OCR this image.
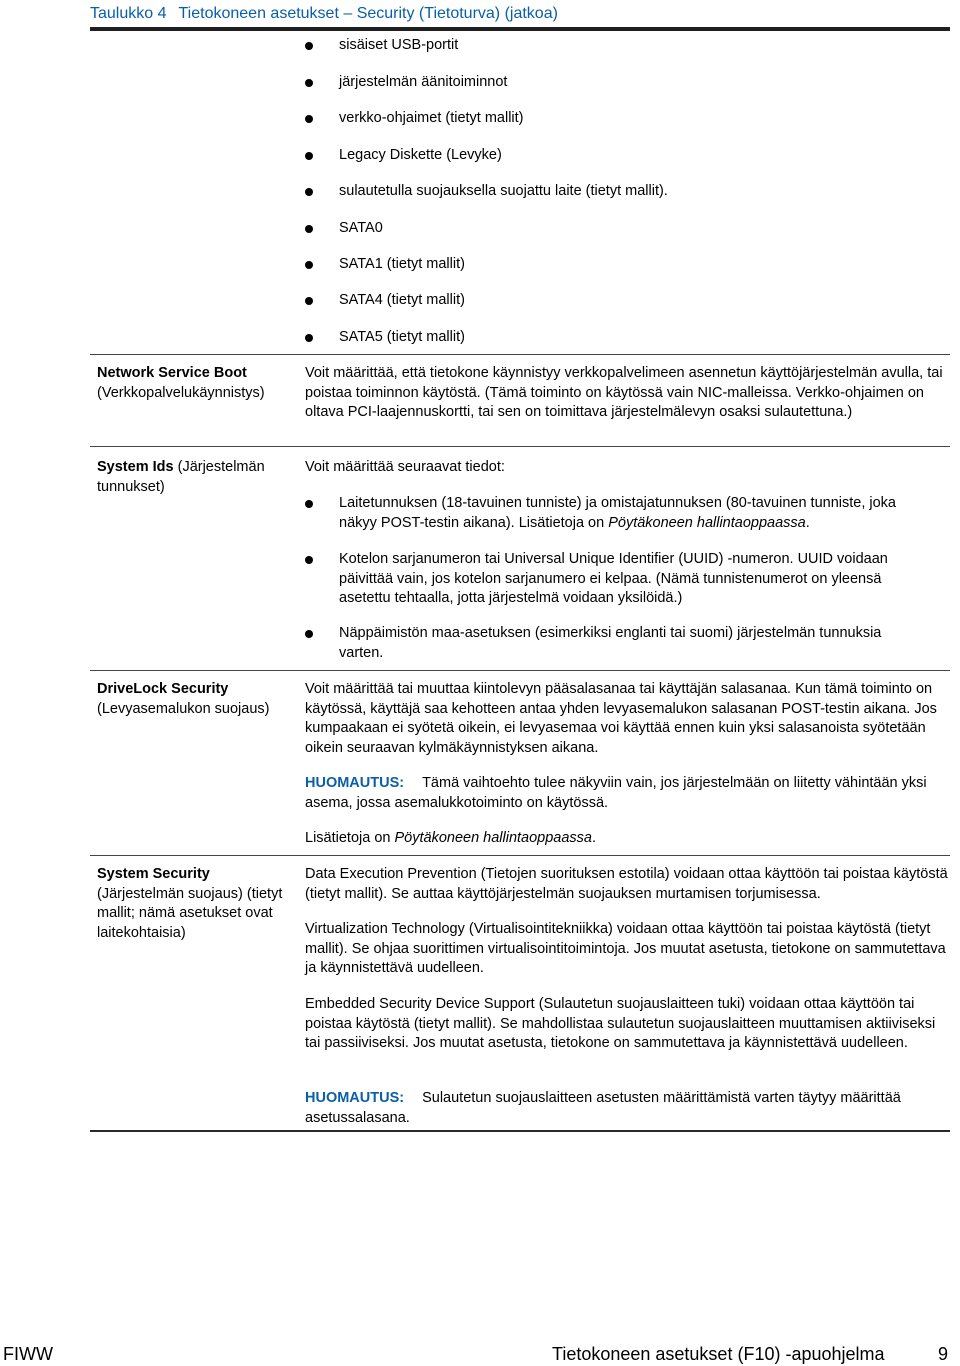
Taulukko 4 Tietokoneen asetukset – Security (Tietoturva) (jatkoa)
sisäiset USB-portit
järjestelmän äänitoiminnot
verkko-ohjaimet (tietyt mallit)
Legacy Diskette (Levyke)
sulautetulla suojauksella suojattu laite (tietyt mallit).
SATA0
SATA1 (tietyt mallit)
SATA4 (tietyt mallit)
SATA5 (tietyt mallit)
Network Service Boot
(Verkkopalvelukäynnistys)

Voit määrittää, että tietokone käynnistyy verkkopalvelimeen asennetun käyttöjärjestelmän avulla, tai poistaa toiminnon käytöstä. (Tämä toiminto on käytössä vain NIC-malleissa. Verkko-ohjaimen on oltava PCI-laajennuskortti, tai sen on toimittava järjestelmälevyn osaksi sulautettuna.)

System Ids (Järjestelmän tunnukset)

Voit määrittää seuraavat tiedot:

Laitetunnuksen (18-tavuinen tunniste) ja omistajatunnuksen (80-tavuinen tunniste, joka näkyy POST-testin aikana). Lisätietoja on Pöytäkoneen hallintaoppaassa.
Kotelon sarjanumeron tai Universal Unique Identifier (UUID) -numeron. UUID voidaan päivittää vain, jos kotelon sarjanumero ei kelpaa. (Nämä tunnistenumerot on yleensä asetettu tehtaalla, jotta järjestelmä voidaan yksilöidä.)
Näppäimistön maa-asetuksen (esimerkiksi englanti tai suomi) järjestelmän tunnuksia varten.
DriveLock Security
(Levyasemalukon suojaus)

Voit määrittää tai muuttaa kiintolevyn pääsalasanaa tai käyttäjän salasanaa. Kun tämä toiminto on käytössä, käyttäjä saa kehotteen antaa yhden levyasemalukon salasanan POST-testin aikana. Jos kumpaakaan ei syötetä oikein, ei levyasemaa voi käyttää ennen kuin yksi salasanoista syötetään oikein seuraavan kylmäkäynnistyksen aikana.

HUOMAUTUS: Tämä vaihtoehto tulee näkyviin vain, jos järjestelmään on liitetty vähintään yksi asema, jossa asemalukkotoiminto on käytössä.

Lisätietoja on Pöytäkoneen hallintaoppaassa.

System Security
(Järjestelmän suojaus) (tietyt mallit; nämä asetukset ovat laitekohtaisia)

Data Execution Prevention (Tietojen suorituksen estotila) voidaan ottaa käyttöön tai poistaa käytöstä (tietyt mallit). Se auttaa käyttöjärjestelmän suojauksen murtamisen torjumisessa.

Virtualization Technology (Virtualisointitekniikka) voidaan ottaa käyttöön tai poistaa käytöstä (tietyt mallit). Se ohjaa suorittimen virtualisointitoimintoja. Jos muutat asetusta, tietokone on sammutettava ja käynnistettävä uudelleen.

Embedded Security Device Support (Sulautetun suojauslaitteen tuki) voidaan ottaa käyttöön tai poistaa käytöstä (tietyt mallit). Se mahdollistaa sulautetun suojauslaitteen muuttamisen aktiiviseksi tai passiiviseksi. Jos muutat asetusta, tietokone on sammutettava ja käynnistettävä uudelleen.

HUOMAUTUS: Sulautetun suojauslaitteen asetusten määrittämistä varten täytyy määrittää asetussalasana.

FIWW	Tietokoneen asetukset (F10) -apuohjelma	9
